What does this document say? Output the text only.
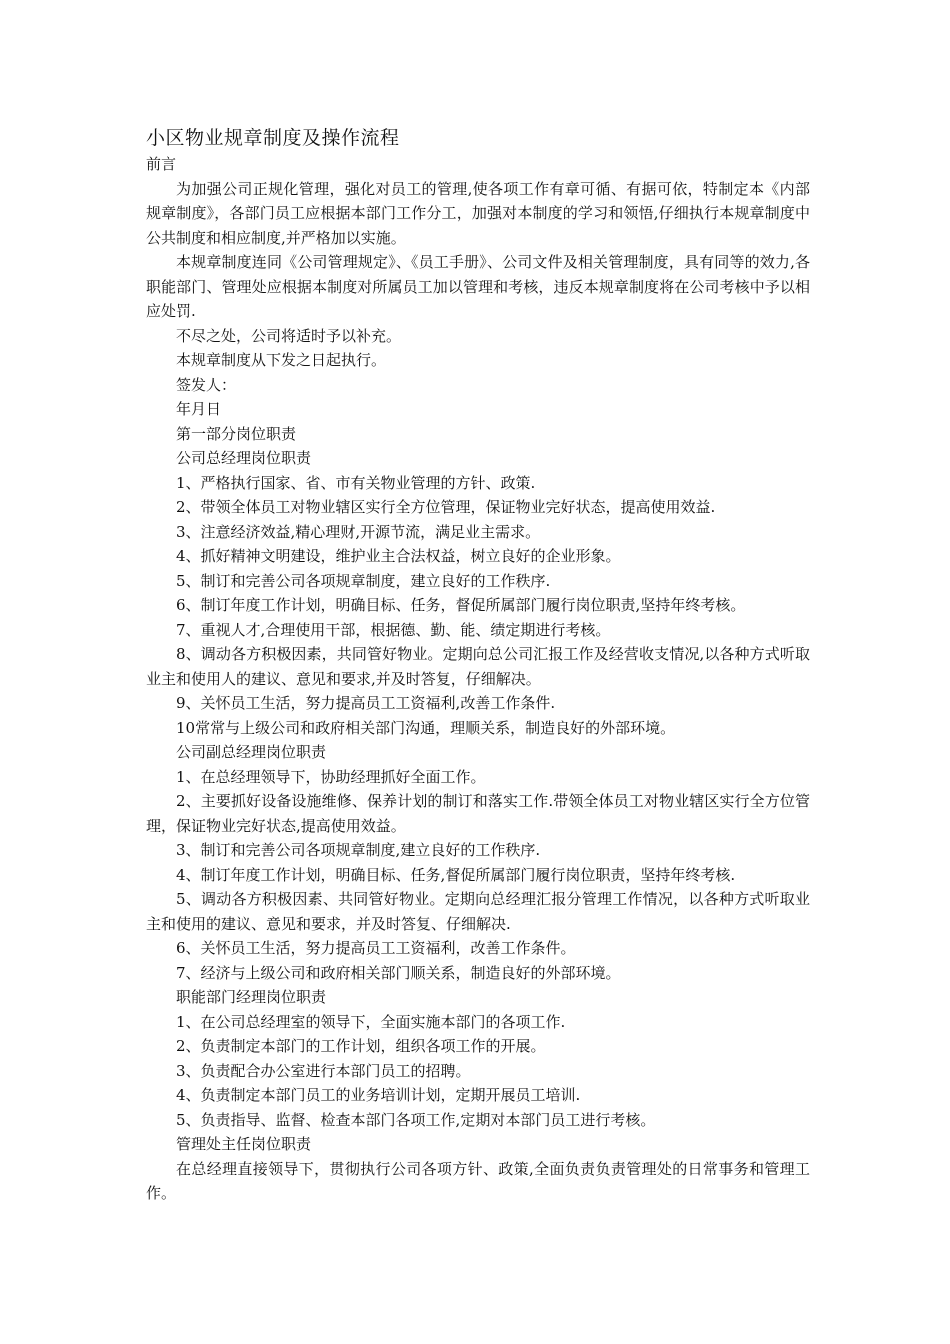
小区物业规章制度及操作流程

前言

为加强公司正规化管理，强化对员工的管理,使各项工作有章可循、有据可依，特制定本《内部规章制度》，各部门员工应根据本部门工作分工，加强对本制度的学习和领悟,仔细执行本规章制度中公共制度和相应制度,并严格加以实施。

本规章制度连同《公司管理规定》、《员工手册》、公司文件及相关管理制度，具有同等的效力,各职能部门、管理处应根据本制度对所属员工加以管理和考核，违反本规章制度将在公司考核中予以相应处罚.

不尽之处，公司将适时予以补充。

本规章制度从下发之日起执行。

签发人：

年月日

第一部分岗位职责

公司总经理岗位职责

1、严格执行国家、省、市有关物业管理的方针、政策.

2、带领全体员工对物业辖区实行全方位管理，保证物业完好状态，提高使用效益.

3、注意经济效益,精心理财,开源节流，满足业主需求。

4、抓好精神文明建设，维护业主合法权益，树立良好的企业形象。

5、制订和完善公司各项规章制度，建立良好的工作秩序.

6、制订年度工作计划，明确目标、任务，督促所属部门履行岗位职责,坚持年终考核。

7、重视人才,合理使用干部，根据德、勤、能、绩定期进行考核。

8、调动各方积极因素，共同管好物业。定期向总公司汇报工作及经营收支情况,以各种方式听取业主和使用人的建议、意见和要求,并及时答复，仔细解决。

9、关怀员工生活，努力提高员工工资福利,改善工作条件.

10常常与上级公司和政府相关部门沟通，理顺关系，制造良好的外部环境。

公司副总经理岗位职责

1、在总经理领导下，协助经理抓好全面工作。

2、主要抓好设备设施维修、保养计划的制订和落实工作.带领全体员工对物业辖区实行全方位管理，保证物业完好状态,提高使用效益。

3、制订和完善公司各项规章制度,建立良好的工作秩序.

4、制订年度工作计划，明确目标、任务,督促所属部门履行岗位职责，坚持年终考核.

5、调动各方积极因素、共同管好物业。定期向总经理汇报分管理工作情况，以各种方式听取业主和使用的建议、意见和要求，并及时答复、仔细解决.

6、关怀员工生活，努力提高员工工资福利，改善工作条件。

7、经济与上级公司和政府相关部门顺关系，制造良好的外部环境。

职能部门经理岗位职责

1、在公司总经理室的领导下，全面实施本部门的各项工作.

2、负责制定本部门的工作计划，组织各项工作的开展。

3、负责配合办公室进行本部门员工的招聘。

4、负责制定本部门员工的业务培训计划，定期开展员工培训.

5、负责指导、监督、检查本部门各项工作,定期对本部门员工进行考核。

管理处主任岗位职责

在总经理直接领导下，贯彻执行公司各项方针、政策,全面负责负责管理处的日常事务和管理工作。
